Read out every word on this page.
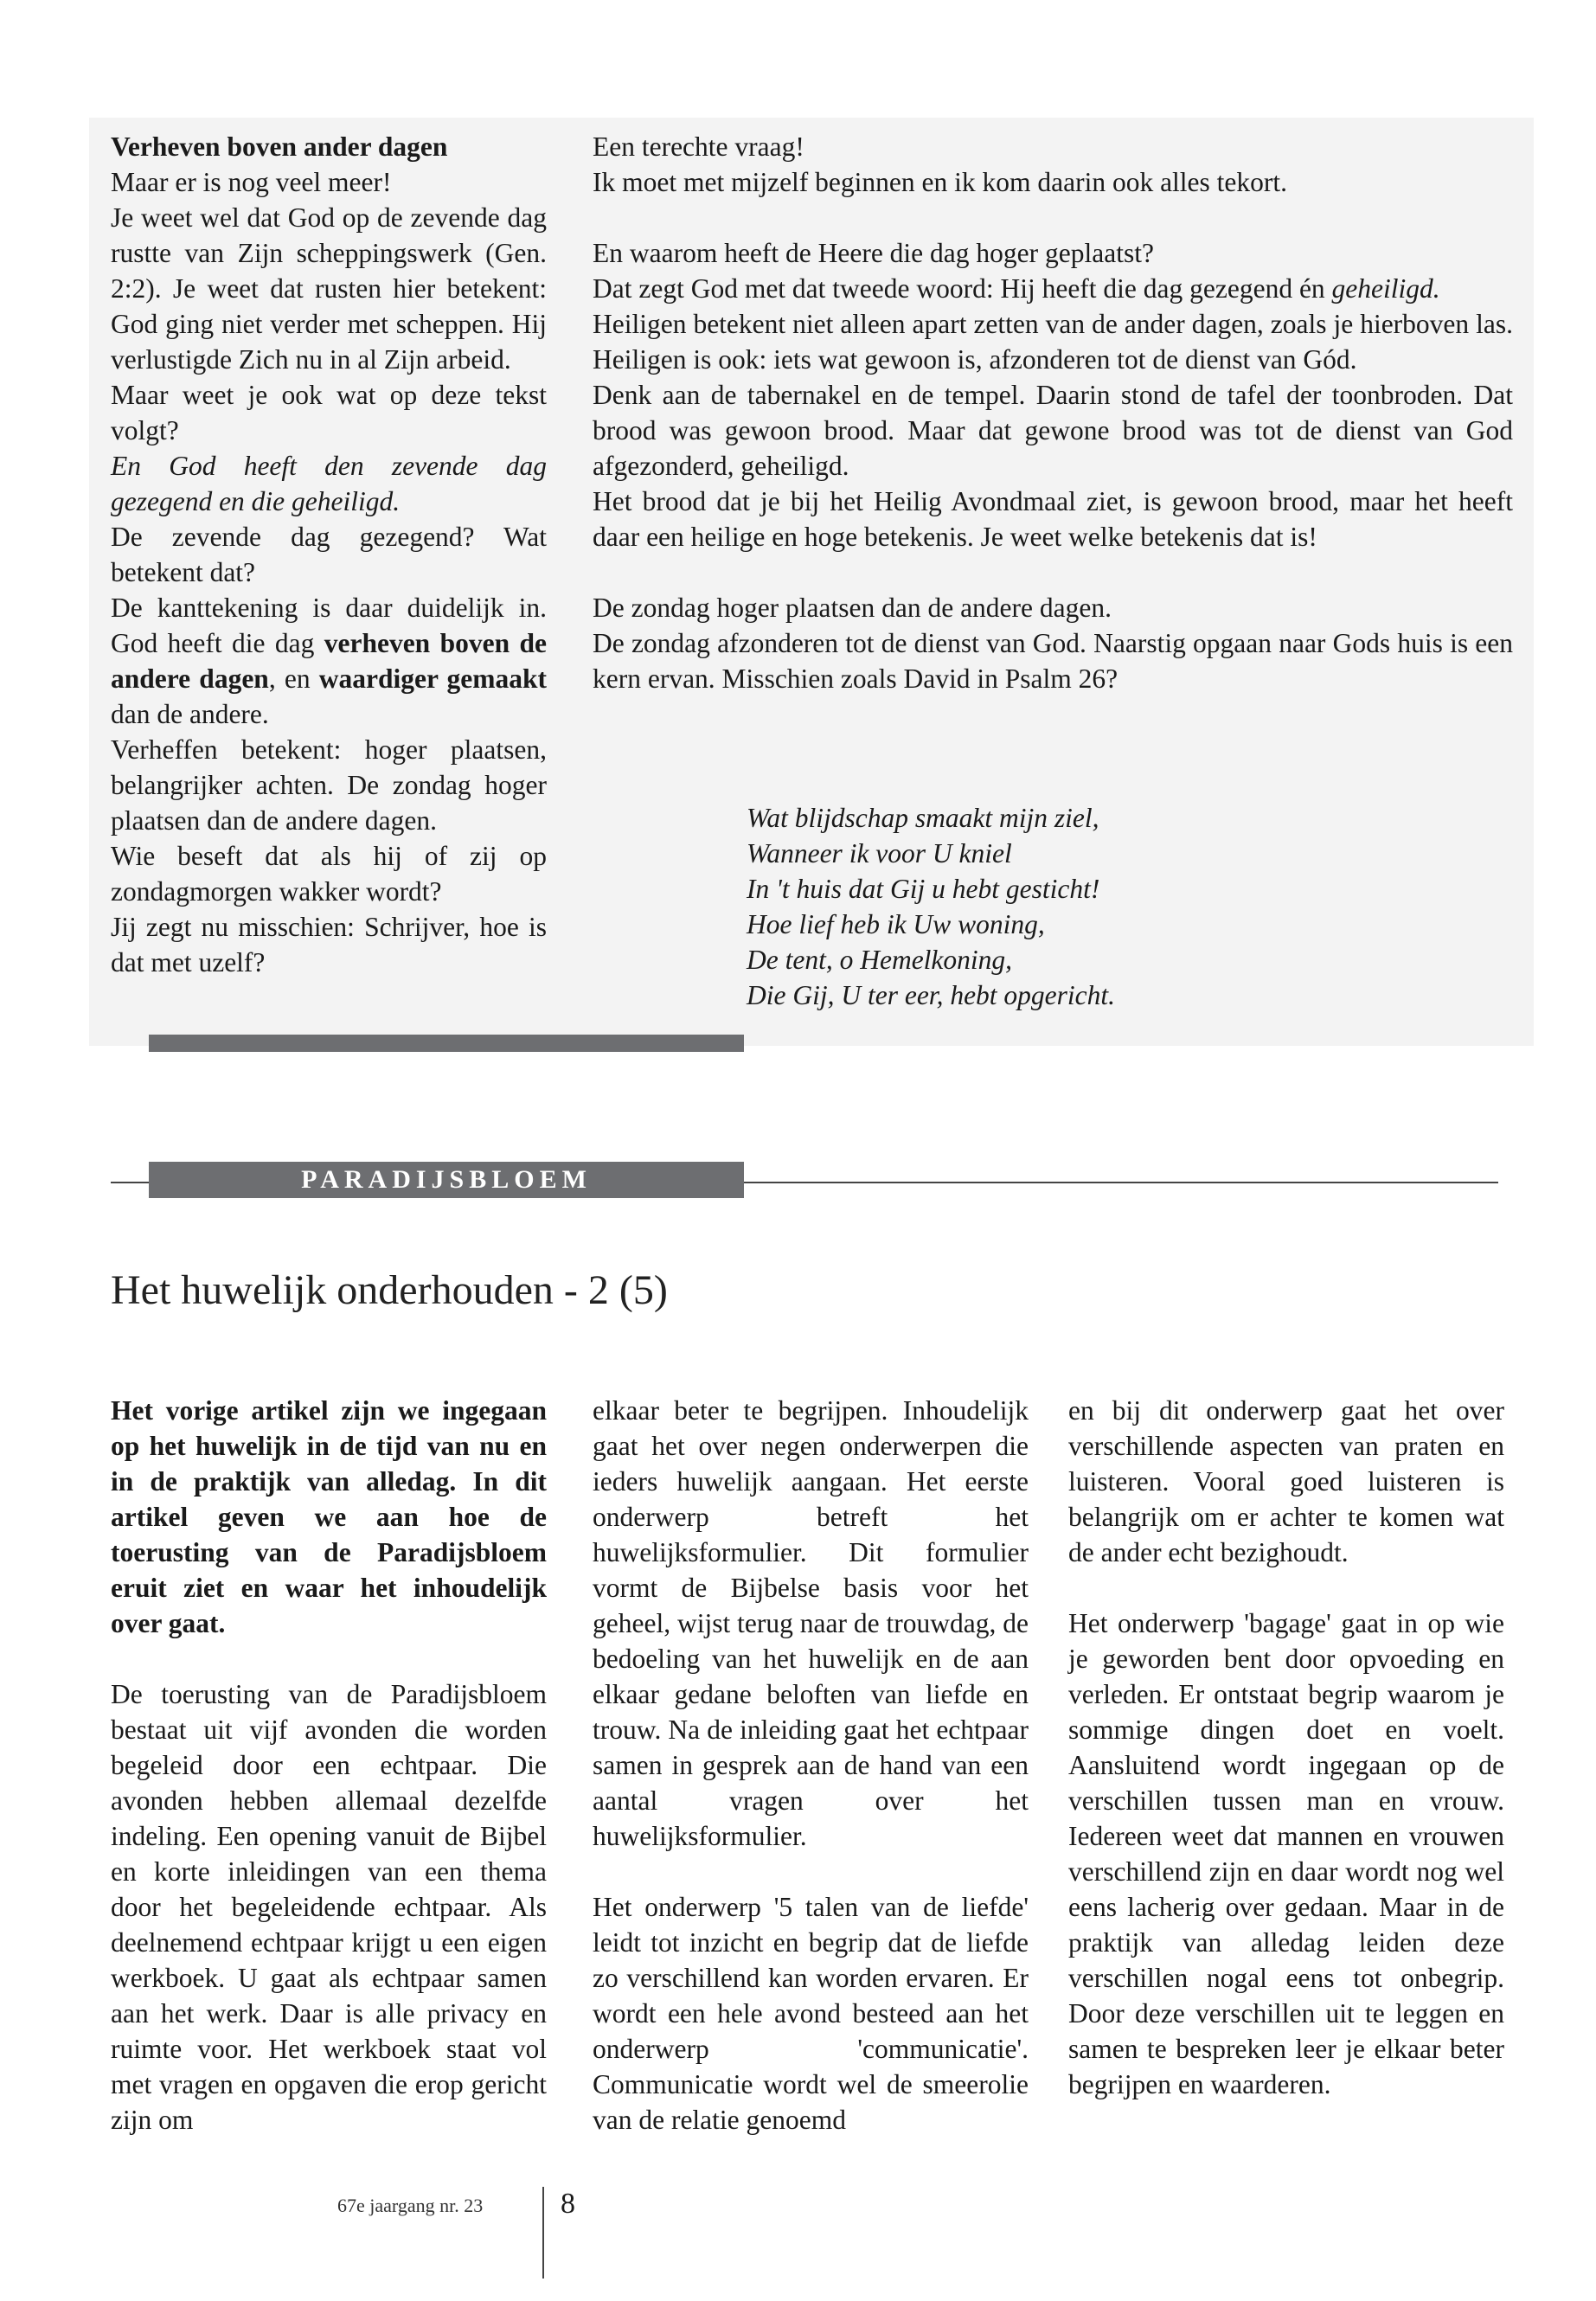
Verheven boven ander dagen

Maar er is nog veel meer!

Je weet wel dat God op de zevende dag rustte van Zijn scheppingswerk (Gen. 2:2). Je weet dat rusten hier betekent: God ging niet verder met scheppen. Hij verlustigde Zich nu in al Zijn arbeid.

Maar weet je ook wat op deze tekst volgt?

En God heeft den zevende dag gezegend en die geheiligd.

De zevende dag gezegend? Wat betekent dat?

De kanttekening is daar duidelijk in. God heeft die dag verheven boven de andere dagen, en waardiger gemaakt dan de andere.

Verheffen betekent: hoger plaatsen, belangrijker achten. De zondag hoger plaatsen dan de andere dagen.

Wie beseft dat als hij of zij op zondagmorgen wakker wordt?

Jij zegt nu misschien: Schrijver, hoe is dat met uzelf?

Een terechte vraag!

Ik moet met mijzelf beginnen en ik kom daarin ook alles tekort.

En waarom heeft de Heere die dag hoger geplaatst?

Dat zegt God met dat tweede woord: Hij heeft die dag gezegend én geheiligd.

Heiligen betekent niet alleen apart zetten van de ander dagen, zoals je hierboven las. Heiligen is ook: iets wat gewoon is, afzonderen tot de dienst van Gód.

Denk aan de tabernakel en de tempel. Daarin stond de tafel der toonbroden. Dat brood was gewoon brood. Maar dat gewone brood was tot de dienst van God afgezonderd, geheiligd.

Het brood dat je bij het Heilig Avondmaal ziet, is gewoon brood, maar het heeft daar een heilige en hoge betekenis. Je weet welke betekenis dat is!

De zondag hoger plaatsen dan de andere dagen.

De zondag afzonderen tot de dienst van God. Naarstig opgaan naar Gods huis is een kern ervan. Misschien zoals David in Psalm 26?

Wat blijdschap smaakt mijn ziel,

Wanneer ik voor U kniel

In 't huis dat Gij u hebt gesticht!

Hoe lief heb ik Uw woning,

De tent, o Hemelkoning,

Die Gij, U ter eer, hebt opgericht.

PARADIJSBLOEM
Het huwelijk onderhouden - 2 (5)

Het vorige artikel zijn we ingegaan op het huwelijk in de tijd van nu en in de praktijk van alledag. In dit artikel geven we aan hoe de toerusting van de Paradijsbloem eruit ziet en waar het inhoudelijk over gaat.

De toerusting van de Paradijsbloem bestaat uit vijf avonden die worden begeleid door een echtpaar. Die avonden hebben allemaal dezelfde indeling. Een opening vanuit de Bijbel en korte inleidingen van een thema door het begeleidende echtpaar. Als deelnemend echtpaar krijgt u een eigen werkboek. U gaat als echtpaar samen aan het werk. Daar is alle privacy en ruimte voor. Het werkboek staat vol met vragen en opgaven die erop gericht zijn om

elkaar beter te begrijpen. Inhoudelijk gaat het over negen onderwerpen die ieders huwelijk aangaan. Het eerste onderwerp betreft het huwelijksformulier. Dit formulier vormt de Bijbelse basis voor het geheel, wijst terug naar de trouwdag, de bedoeling van het huwelijk en de aan elkaar gedane beloften van liefde en trouw. Na de inleiding gaat het echtpaar samen in gesprek aan de hand van een aantal vragen over het huwelijksformulier.

Het onderwerp '5 talen van de liefde' leidt tot inzicht en begrip dat de liefde zo verschillend kan worden ervaren. Er wordt een hele avond besteed aan het onderwerp 'communicatie'. Communicatie wordt wel de smeerolie van de relatie genoemd

en bij dit onderwerp gaat het over verschillende aspecten van praten en luisteren. Vooral goed luisteren is belangrijk om er achter te komen wat de ander echt bezighoudt.

Het onderwerp 'bagage' gaat in op wie je geworden bent door opvoeding en verleden. Er ontstaat begrip waarom je sommige dingen doet en voelt. Aansluitend wordt ingegaan op de verschillen tussen man en vrouw. Iedereen weet dat mannen en vrouwen verschillend zijn en daar wordt nog wel eens lacherig over gedaan. Maar in de praktijk van alledag leiden deze verschillen nogal eens tot onbegrip. Door deze verschillen uit te leggen en samen te bespreken leer je elkaar beter begrijpen en waarderen.

67e jaargang nr. 23	8
